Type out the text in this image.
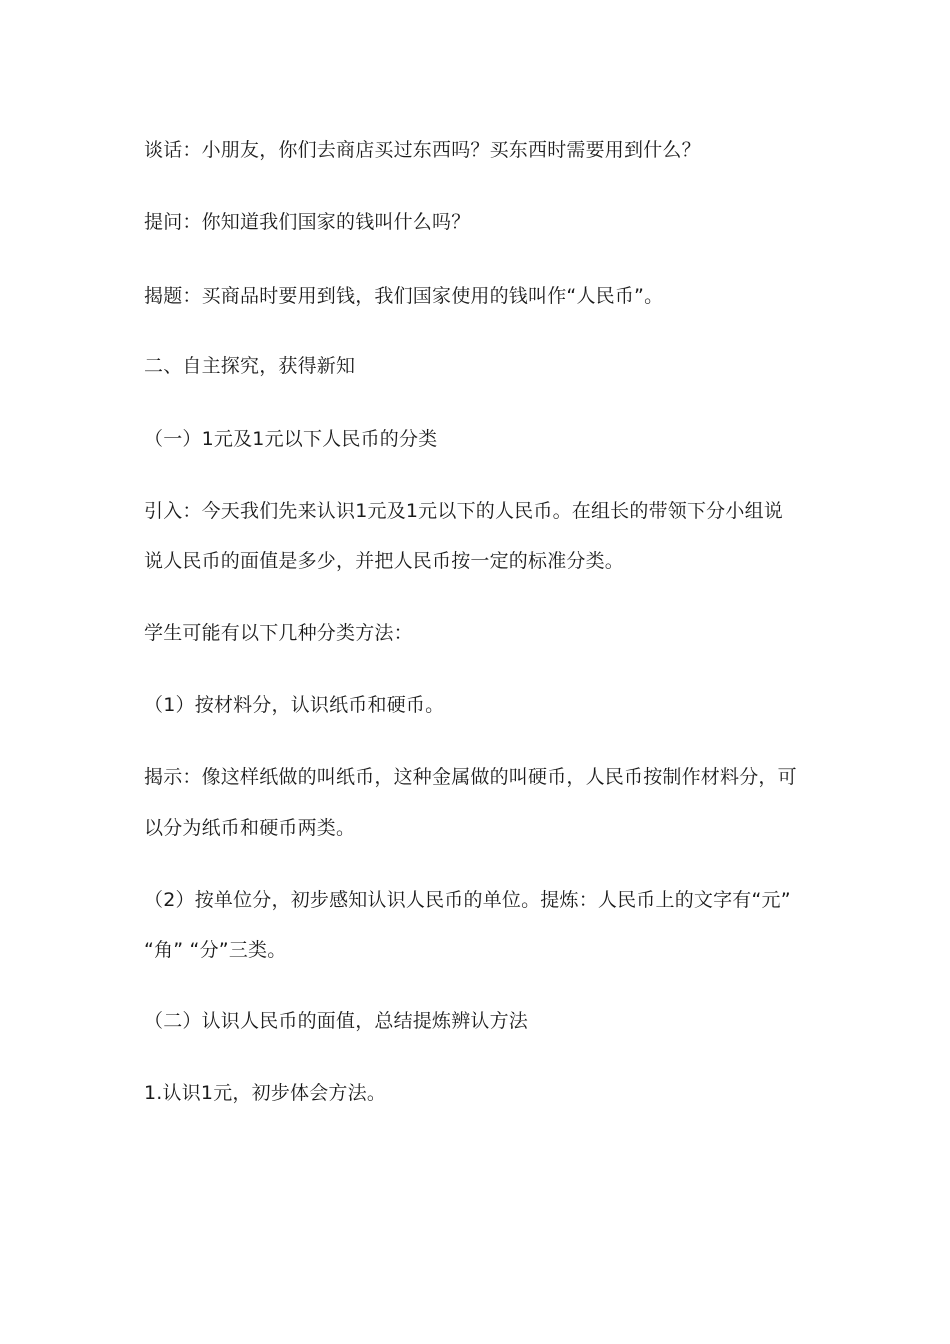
谈话：小朋友，你们去商店买过东西吗？买东西时需要用到什么？
提问：你知道我们国家的钱叫什么吗？
揭题：买商品时要用到钱，我们国家使用的钱叫作“人民币”。
二、自主探究，获得新知
（一）1元及1元以下人民币的分类
引入：今天我们先来认识1元及1元以下的人民币。在组长的带领下分小组说
说人民币的面值是多少，并把人民币按一定的标准分类。
学生可能有以下几种分类方法：
（1）按材料分，认识纸币和硬币。
揭示：像这样纸做的叫纸币，这种金属做的叫硬币，人民币按制作材料分，可
以分为纸币和硬币两类。
（2）按单位分，初步感知认识人民币的单位。提炼：人民币上的文字有“元”
“角” “分”三类。
（二）认识人民币的面值，总结提炼辨认方法
1.认识1元，初步体会方法。
